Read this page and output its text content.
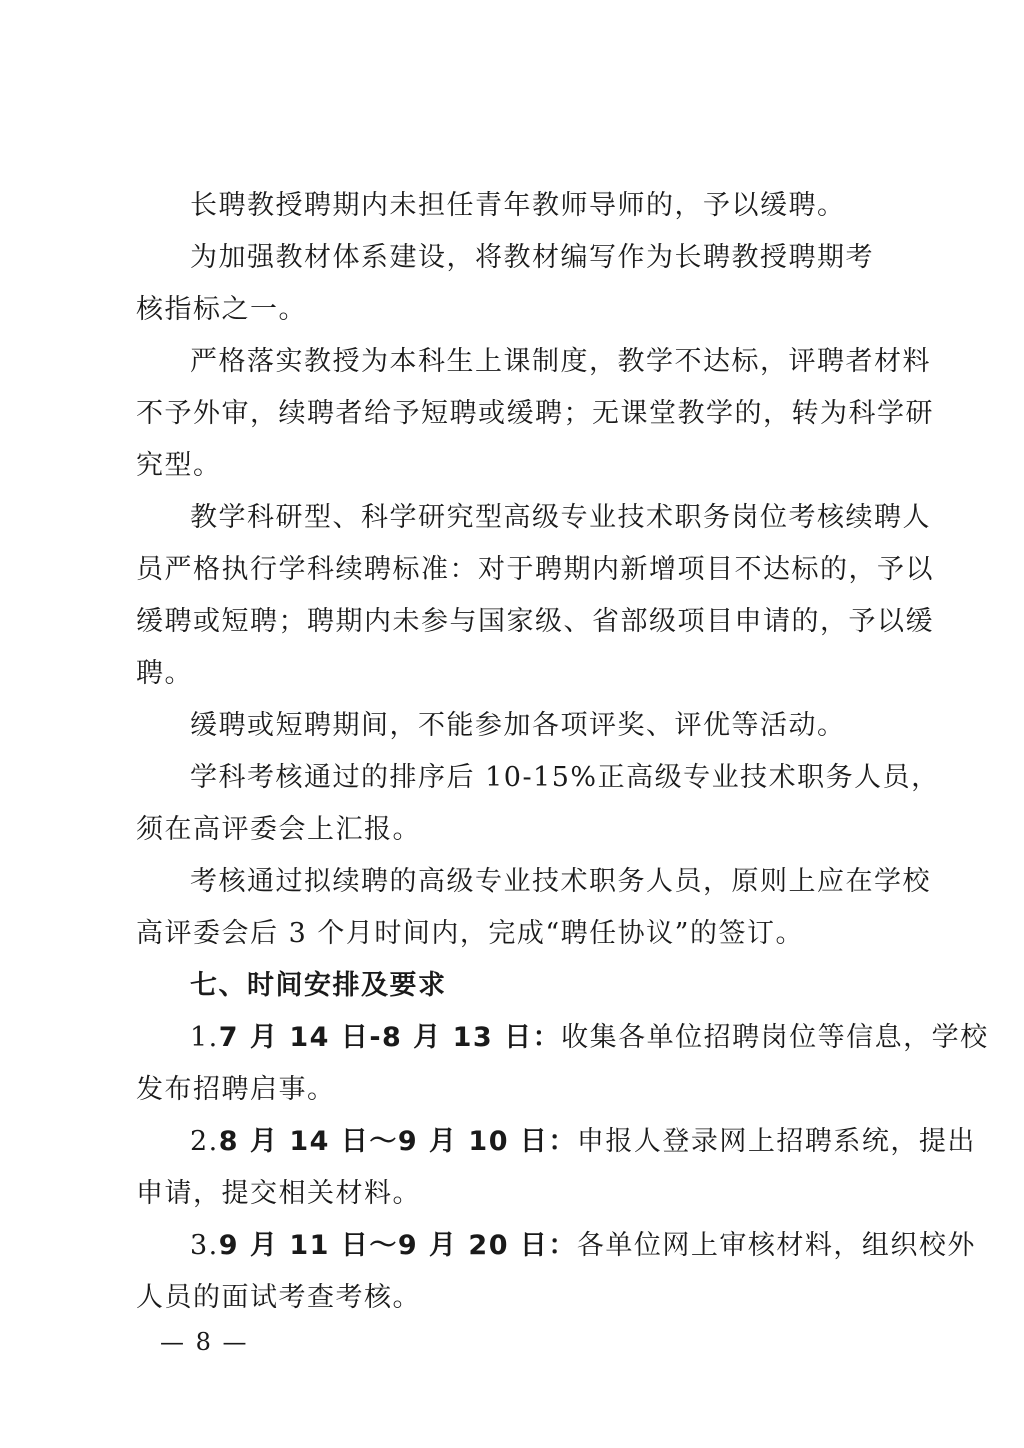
长聘教授聘期内未担任青年教师导师的，予以缓聘。
为加强教材体系建设，将教材编写作为长聘教授聘期考
核指标之一。
严格落实教授为本科生上课制度，教学不达标，评聘者材料
不予外审，续聘者给予短聘或缓聘；无课堂教学的，转为科学研
究型。
教学科研型、科学研究型高级专业技术职务岗位考核续聘人
员严格执行学科续聘标准：对于聘期内新增项目不达标的，予以
缓聘或短聘；聘期内未参与国家级、省部级项目申请的，予以缓
聘。
缓聘或短聘期间，不能参加各项评奖、评优等活动。
学科考核通过的排序后 10-15%正高级专业技术职务人员，
须在高评委会上汇报。
考核通过拟续聘的高级专业技术职务人员，原则上应在学校
高评委会后 3 个月时间内，完成“聘任协议”的签订。
七、时间安排及要求
1.7 月 14 日-8 月 13 日：收集各单位招聘岗位等信息，学校
发布招聘启事。
2.8 月 14 日～9 月 10 日：申报人登录网上招聘系统，提出
申请，提交相关材料。
3.9 月 11 日～9 月 20 日：各单位网上审核材料，组织校外
人员的面试考查考核。
— 8 —
